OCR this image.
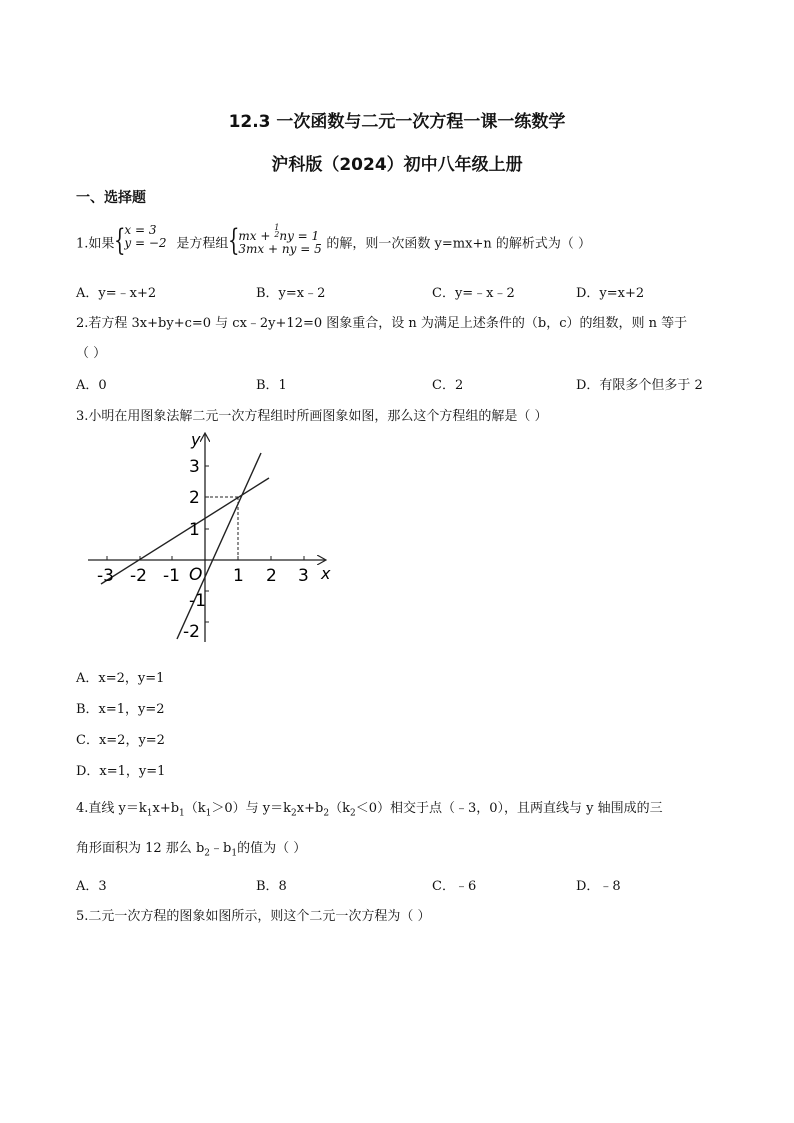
12.3 一次函数与二元一次方程一课一练数学
沪科版（2024）初中八年级上册
一、选择题
1.如果 {
x = 3
y = −2 是方程组 {
mx + 1
2ny = 1
3mx + ny = 5 的解，则一次函数 y=mx+n 的解析式为（ ）
A．y=﹣x+2	B．y=x﹣2	C．y=﹣x﹣2	D．y=x+2
2.若方程 3x+by+c=0 与 cx﹣2y+12=0 图象重合，设 n 为满足上述条件的（b，c）的组数，则 n 等于
（ ）
A．0	B．1	C．2	D．有限多个但多于 2
3.小明在用图象法解二元一次方程组时所画图象如图，那么这个方程组的解是（ ）
y
x
O
-3 -2 -1	1 2 3
3
2
1
-1
-2
A．x=2，y=1
B．x=1，y=2
C．x=2，y=2
D．x=1，y=1
4.直线 $y=k_1x+b_1(k_1>0)$与 $y=k_2x+b_2(k_2<0)$相交于点（﹣3，0），且两直线与 y 轴围成的三
角形面积为 12 那么 $b_2﹣b_1$的值为（ ）
A．3	B．8	C．﹣6	D．﹣8
5.二元一次方程的图象如图所示，则这个二元一次方程为（ ）
